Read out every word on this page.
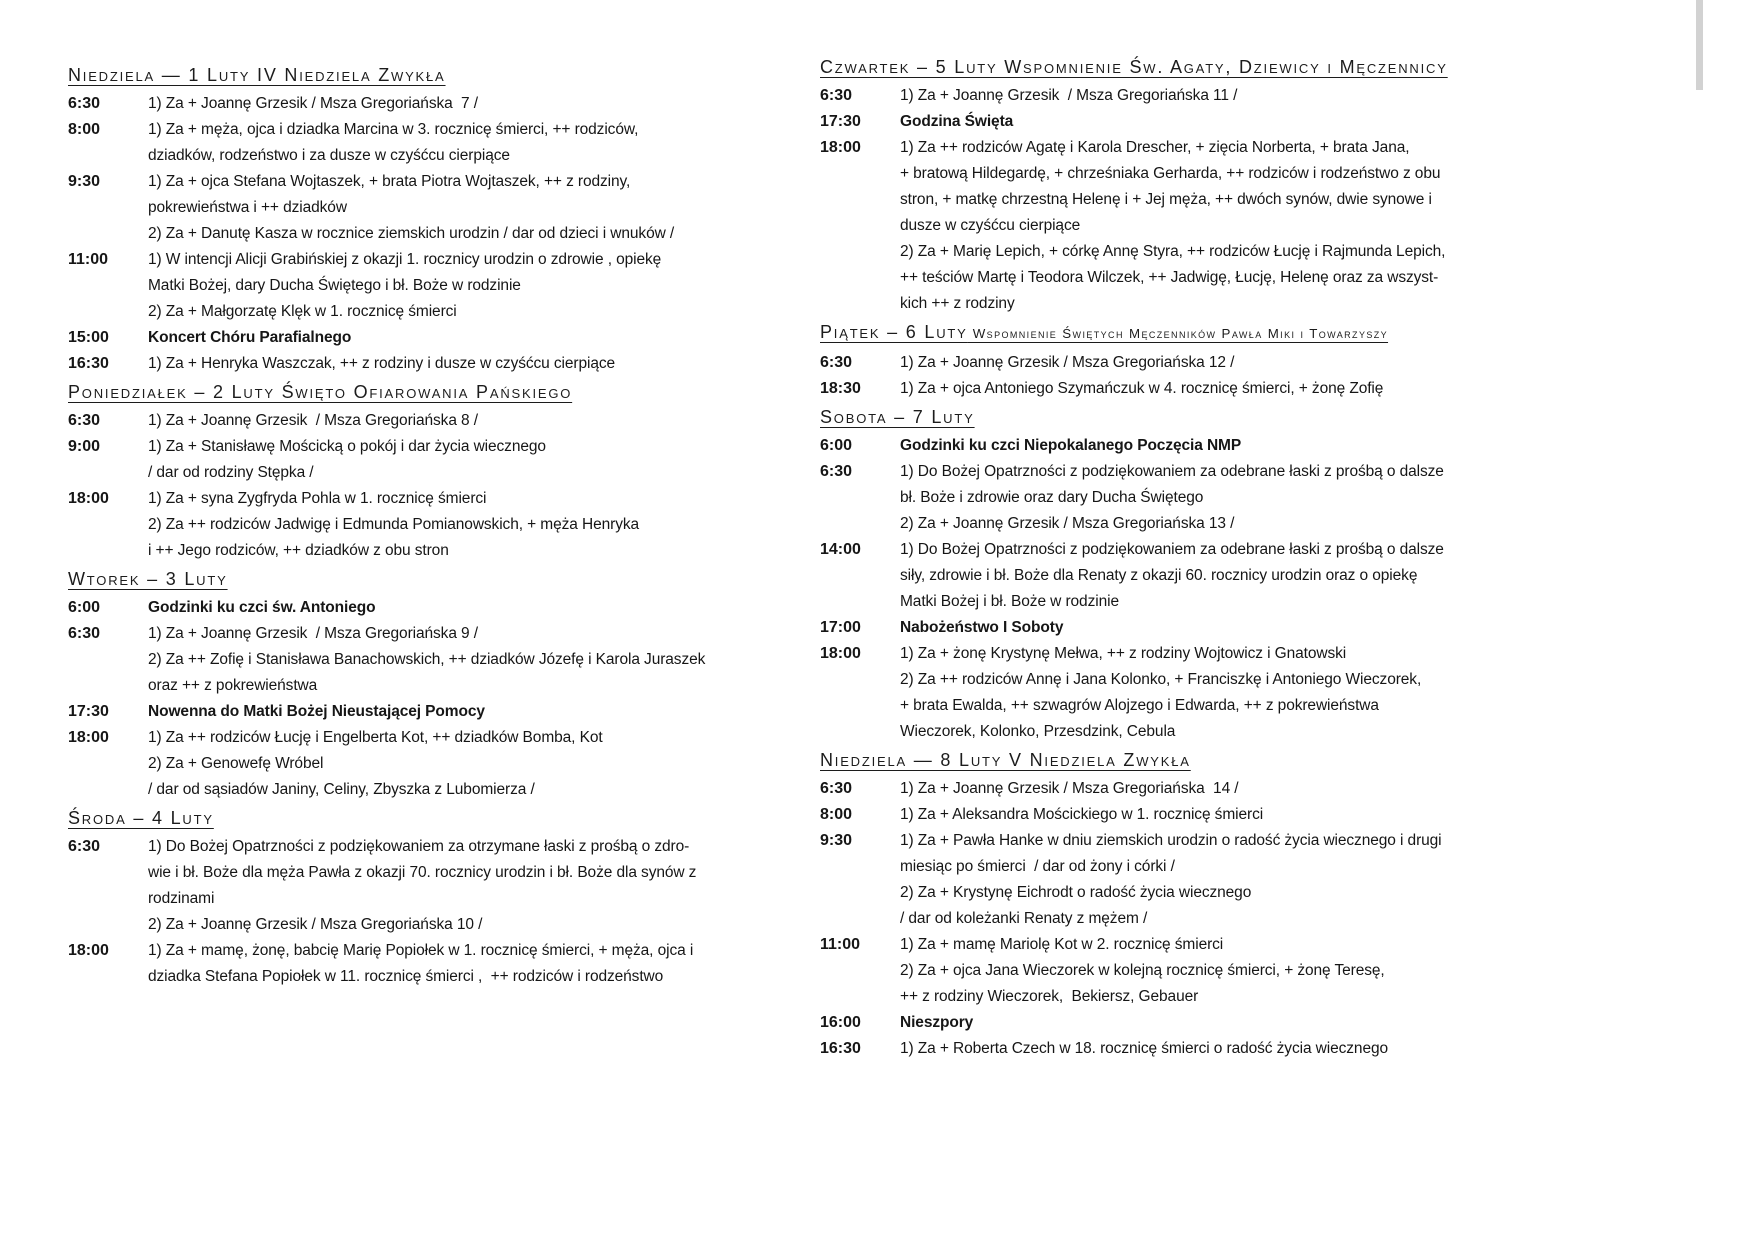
Niedziela — 1 Luty IV Niedziela Zwykła
6:30	1) Za + Joannę Grzesik / Msza Gregoriańska  7 /
8:00	1) Za + męża, ojca i dziadka Marcina w 3. rocznicę śmierci, ++ rodziców,
dziadków, rodzeństwo i za dusze w czyśćcu cierpiące
9:30	1) Za + ojca Stefana Wojtaszek, + brata Piotra Wojtaszek, ++ z rodziny,
pokrewieństwa i ++ dziadków
2) Za + Danutę Kasza w rocznice ziemskich urodzin / dar od dzieci i wnuków /
11:00	1) W intencji Alicji Grabińskiej z okazji 1. rocznicy urodzin o zdrowie , opiekę
Matki Bożej, dary Ducha Świętego i bł. Boże w rodzinie
2) Za + Małgorzatę Klęk w 1. rocznicę śmierci
15:00	Koncert Chóru Parafialnego
16:30	1) Za + Henryka Waszczak, ++ z rodziny i dusze w czyśćcu cierpiące
Poniedziałek – 2 Luty Święto Ofiarowania Pańskiego
6:30	1) Za + Joannę Grzesik  / Msza Gregoriańska 8 /
9:00	1) Za + Stanisławę Mościcką o pokój i dar życia wiecznego
/ dar od rodziny Stępka /
18:00	1) Za + syna Zygfryda Pohla w 1. rocznicę śmierci
2) Za ++ rodziców Jadwigę i Edmunda Pomianowskich, + męża Henryka
i ++ Jego rodziców, ++ dziadków z obu stron
Wtorek – 3 Luty
6:00	Godzinki ku czci św. Antoniego
6:30	1) Za + Joannę Grzesik  / Msza Gregoriańska 9 /
2) Za ++ Zofię i Stanisława Banachowskich, ++ dziadków Józefę i Karola Juraszek
oraz ++ z pokrewieństwa
17:30	Nowenna do Matki Bożej Nieustającej Pomocy
18:00	1) Za ++ rodziców Łucję i Engelberta Kot, ++ dziadków Bomba, Kot
2) Za + Genowefę Wróbel
/ dar od sąsiadów Janiny, Celiny, Zbyszka z Lubomierza /
Środa – 4 Luty
6:30	1) Do Bożej Opatrzności z podziękowaniem za otrzymane łaski z prośbą o zdro-
wie i bł. Boże dla męża Pawła z okazji 70. rocznicy urodzin i bł. Boże dla synów z
rodzinami
2) Za + Joannę Grzesik / Msza Gregoriańska 10 /
18:00	1) Za + mamę, żonę, babcię Marię Popiołek w 1. rocznicę śmierci, + męża, ojca i
dziadka Stefana Popiołek w 11. rocznicę śmierci ,  ++ rodziców i rodzeństwo
Czwartek – 5 Luty Wspomnienie Św. Agaty, Dziewicy i Męczennicy
6:30	1) Za + Joannę Grzesik  / Msza Gregoriańska 11 /
17:30	Godzina Święta
18:00	1) Za ++ rodziców Agatę i Karola Drescher, + zięcia Norberta, + brata Jana,
+ bratową Hildegardę, + chrześniaka Gerharda, ++ rodziców i rodzeństwo z obu
stron, + matkę chrzestną Helenę i + Jej męża, ++ dwóch synów, dwie synowe i
dusze w czyśćcu cierpiące
2) Za + Marię Lepich, + córkę Annę Styra, ++ rodziców Łucję i Rajmunda Lepich,
++ teściów Martę i Teodora Wilczek, ++ Jadwigę, Łucję, Helenę oraz za wszyst-
kich ++ z rodziny
Piątek – 6 Luty Wspomnienie Świętych Męczenników Pawła Miki i Towarzyszy
6:30	1) Za + Joannę Grzesik / Msza Gregoriańska 12 /
18:30	1) Za + ojca Antoniego Szymańczuk w 4. rocznicę śmierci, + żonę Zofię
Sobota – 7 Luty
6:00	Godzinki ku czci Niepokalanego Poczęcia NMP
6:30	1) Do Bożej Opatrzności z podziękowaniem za odebrane łaski z prośbą o dalsze
bł. Boże i zdrowie oraz dary Ducha Świętego
2) Za + Joannę Grzesik / Msza Gregoriańska 13 /
14:00	1) Do Bożej Opatrzności z podziękowaniem za odebrane łaski z prośbą o dalsze
siły, zdrowie i bł. Boże dla Renaty z okazji 60. rocznicy urodzin oraz o opiekę
Matki Bożej i bł. Boże w rodzinie
17:00	Nabożeństwo I Soboty
18:00	1) Za + żonę Krystynę Mełwa, ++ z rodziny Wojtowicz i Gnatowski
2) Za ++ rodziców Annę i Jana Kolonko, + Franciszkę i Antoniego Wieczorek,
+ brata Ewalda, ++ szwagrów Alojzego i Edwarda, ++ z pokrewieństwa
Wieczorek, Kolonko, Przesdzink, Cebula
Niedziela — 8 Luty V Niedziela Zwykła
6:30	1) Za + Joannę Grzesik / Msza Gregoriańska  14 /
8:00	1) Za + Aleksandra Mościckiego w 1. rocznicę śmierci
9:30	1) Za + Pawła Hanke w dniu ziemskich urodzin o radość życia wiecznego i drugi
miesiąc po śmierci  / dar od żony i córki /
2) Za + Krystynę Eichrodt o radość życia wiecznego
/ dar od koleżanki Renaty z mężem /
11:00	1) Za + mamę Mariolę Kot w 2. rocznicę śmierci
2) Za + ojca Jana Wieczorek w kolejną rocznicę śmierci, + żonę Teresę,
++ z rodziny Wieczorek,  Bekiersz, Gebauer
16:00	Nieszpory
16:30	1) Za + Roberta Czech w 18. rocznicę śmierci o radość życia wiecznego
